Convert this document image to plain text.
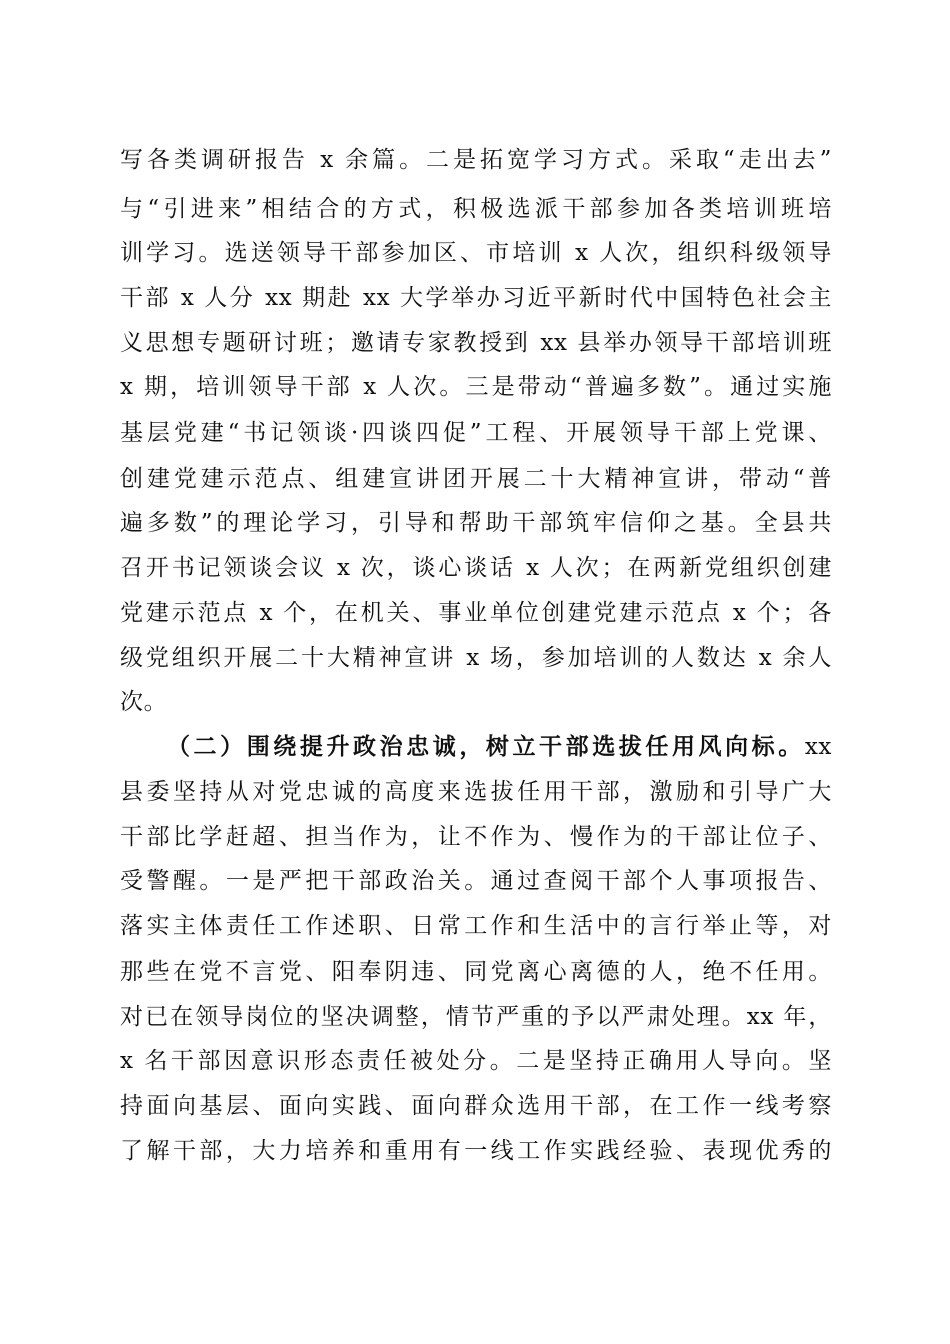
写各类调研报告 x 余篇。二是拓宽学习方式。采取“走出去”
与“引进来”相结合的方式，积极选派干部参加各类培训班培
训学习。选送领导干部参加区、市培训 x 人次，组织科级领导
干部 x 人分 xx 期赴 xx 大学举办习近平新时代中国特色社会主
义思想专题研讨班；邀请专家教授到 xx 县举办领导干部培训班
x 期，培训领导干部 x 人次。三是带动“普遍多数”。通过实施
基层党建“书记领谈·四谈四促”工程、开展领导干部上党课、
创建党建示范点、组建宣讲团开展二十大精神宣讲，带动“普
遍多数”的理论学习，引导和帮助干部筑牢信仰之基。全县共
召开书记领谈会议 x 次，谈心谈话 x 人次；在两新党组织创建
党建示范点 x 个，在机关、事业单位创建党建示范点 x 个；各
级党组织开展二十大精神宣讲 x 场，参加培训的人数达 x 余人
次。
（二）围绕提升政治忠诚，树立干部选拔任用风向标。xx
县委坚持从对党忠诚的高度来选拔任用干部，激励和引导广大
干部比学赶超、担当作为，让不作为、慢作为的干部让位子、
受警醒。一是严把干部政治关。通过查阅干部个人事项报告、
落实主体责任工作述职、日常工作和生活中的言行举止等，对
那些在党不言党、阳奉阴违、同党离心离德的人，绝不任用。
对已在领导岗位的坚决调整，情节严重的予以严肃处理。xx 年，
x 名干部因意识形态责任被处分。二是坚持正确用人导向。坚
持面向基层、面向实践、面向群众选用干部，在工作一线考察
了解干部，大力培养和重用有一线工作实践经验、表现优秀的
